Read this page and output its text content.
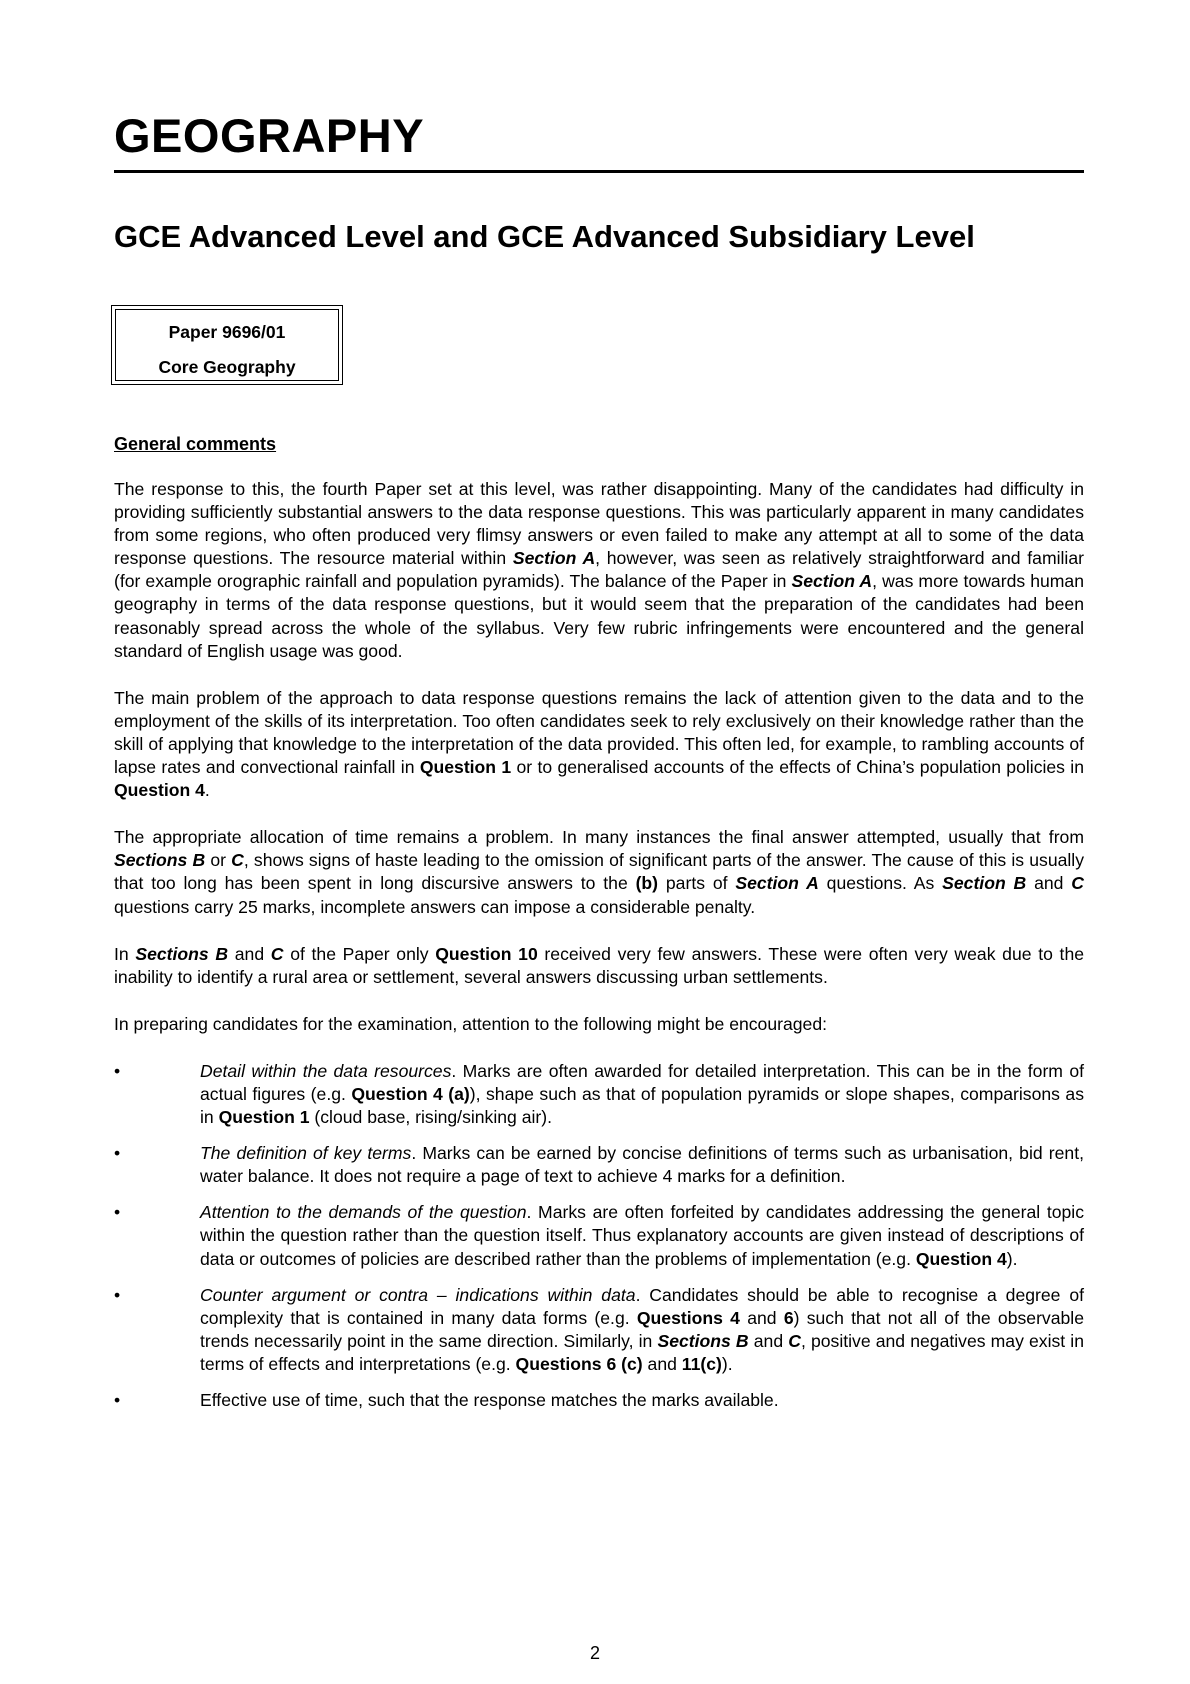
GEOGRAPHY
GCE Advanced Level and GCE Advanced Subsidiary Level
Paper 9696/01
Core Geography
General comments

The response to this, the fourth Paper set at this level, was rather disappointing. Many of the candidates had difficulty in providing sufficiently substantial answers to the data response questions. This was particularly apparent in many candidates from some regions, who often produced very flimsy answers or even failed to make any attempt at all to some of the data response questions. The resource material within Section A, however, was seen as relatively straightforward and familiar (for example orographic rainfall and population pyramids). The balance of the Paper in Section A, was more towards human geography in terms of the data response questions, but it would seem that the preparation of the candidates had been reasonably spread across the whole of the syllabus. Very few rubric infringements were encountered and the general standard of English usage was good.

The main problem of the approach to data response questions remains the lack of attention given to the data and to the employment of the skills of its interpretation. Too often candidates seek to rely exclusively on their knowledge rather than the skill of applying that knowledge to the interpretation of the data provided. This often led, for example, to rambling accounts of lapse rates and convectional rainfall in Question 1 or to generalised accounts of the effects of China’s population policies in Question 4.

The appropriate allocation of time remains a problem. In many instances the final answer attempted, usually that from Sections B or C, shows signs of haste leading to the omission of significant parts of the answer. The cause of this is usually that too long has been spent in long discursive answers to the (b) parts of Section A questions. As Section B and C questions carry 25 marks, incomplete answers can impose a considerable penalty.

In Sections B and C of the Paper only Question 10 received very few answers. These were often very weak due to the inability to identify a rural area or settlement, several answers discussing urban settlements.

In preparing candidates for the examination, attention to the following might be encouraged:

•	Detail within the data resources. Marks are often awarded for detailed interpretation. This can be in the form of actual figures (e.g. Question 4 (a)), shape such as that of population pyramids or slope shapes, comparisons as in Question 1 (cloud base, rising/sinking air).
•	The definition of key terms. Marks can be earned by concise definitions of terms such as urbanisation, bid rent, water balance. It does not require a page of text to achieve 4 marks for a definition.
•	Attention to the demands of the question. Marks are often forfeited by candidates addressing the general topic within the question rather than the question itself. Thus explanatory accounts are given instead of descriptions of data or outcomes of policies are described rather than the problems of implementation (e.g. Question 4).
•	Counter argument or contra – indications within data. Candidates should be able to recognise a degree of complexity that is contained in many data forms (e.g. Questions 4 and 6) such that not all of the observable trends necessarily point in the same direction. Similarly, in Sections B and C, positive and negatives may exist in terms of effects and interpretations (e.g. Questions 6 (c) and 11(c)).
•	Effective use of time, such that the response matches the marks available.
2
